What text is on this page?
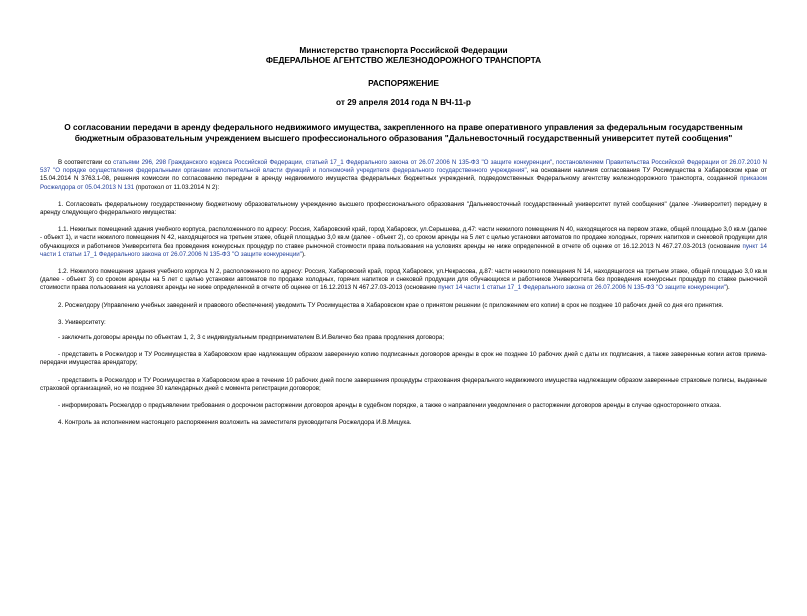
Министерство транспорта Российской Федерации
ФЕДЕРАЛЬНОЕ АГЕНТСТВО ЖЕЛЕЗНОДОРОЖНОГО ТРАНСПОРТА
РАСПОРЯЖЕНИЕ
от 29 апреля 2014 года N ВЧ-11-р
О согласовании передачи в аренду федерального недвижимого имущества, закрепленного на праве оперативного управления за федеральным государственным бюджетным образовательным учреждением высшего профессионального образования "Дальневосточный государственный университет путей сообщения"

В соответствии со статьями 296, 298 Гражданского кодекса Российской Федерации, статьей 17_1 Федерального закона от 26.07.2006 N 135-ФЗ "О защите конкуренции", постановлением Правительства Российской Федерации от 26.07.2010 N 537 "О порядке осуществления федеральными органами исполнительной власти функций и полномочий учредителя федерального государственного учреждения", на основании наличия согласования ТУ Росимущества в Хабаровском крае от 15.04.2014 N 3763.1-08, решения комиссии по согласованию передачи в аренду недвижимого имущества федеральных бюджетных учреждений, подведомственных Федеральному агентству железнодорожного транспорта, созданной приказом Росжелдора от 05.04.2013 N 131 (протокол от 11.03.2014 N 2):

1. Согласовать федеральному государственному бюджетному образовательному учреждению высшего профессионального образования "Дальневосточный государственный университет путей сообщения" (далее -Университет) передачу в аренду следующего федерального имущества:

1.1. Нежилых помещений здания учебного корпуса, расположенного по адресу: Россия, Хабаровский край, город Хабаровск, ул.Серышева, д.47: части нежилого помещения N 40, находящегося на первом этаже, общей площадью 3,0 кв.м (далее - объект 1), и части нежилого помещения N 42, находящегося на третьем этаже, общей площадью 3,0 кв.м (далее - объект 2), со сроком аренды на 5 лет с целью установки автоматов по продаже холодных, горячих напитков и снековой продукции для обучающихся и работников Университета без проведения конкурсных процедур по ставке рыночной стоимости права пользования на условиях аренды не ниже определенной в отчете об оценке от 16.12.2013 N 467.27.03-2013 (основание пункт 14 части 1 статьи 17_1 Федерального закона от 26.07.2006 N 135-ФЗ "О защите конкуренции").

1.2. Нежилого помещения здания учебного корпуса N 2, расположенного по адресу: Россия, Хабаровский край, город Хабаровск, ул.Некрасова, д.87: части нежилого помещения N 14, находящегося на третьем этаже, общей площадью 3,0 кв.м (далее - объект 3) со сроком аренды на 5 лет с целью установки автоматов по продаже холодных, горячих напитков и снековой продукции для обучающихся и работников Университета без проведения конкурсных процедур по ставке рыночной стоимости права пользования на условиях аренды не ниже определенной в отчете об оценке от 16.12.2013 N 467.27.03-2013 (основание пункт 14 части 1 статьи 17_1 Федерального закона от 26.07.2006 N 135-ФЗ "О защите конкуренции").

2. Росжелдору (Управлению учебных заведений и правового обеспечения) уведомить ТУ Росимущества в Хабаровском крае о принятом решении (с приложением его копии) в срок не позднее 10 рабочих дней со дня его принятия.

3. Университету:

- заключить договоры аренды по объектам 1, 2, 3 с индивидуальным предпринимателем В.И.Величко без права продления договора;

- представить в Росжелдор и ТУ Росимущества в Хабаровском крае надлежащим образом заверенную копию подписанных договоров аренды в срок не позднее 10 рабочих дней с даты их подписания, а также заверенные копии актов приема-передачи имущества арендатору;

- представить в Росжелдор и ТУ Росимущества в Хабаровском крае в течение 10 рабочих дней после завершения процедуры страхования федерального недвижимого имущества надлежащим образом заверенные страховые полисы, выданные страховой организацией, но не позднее 30 календарных дней с момента регистрации договоров;

- информировать Росжелдор о предъявлении требования о досрочном расторжении договоров аренды в судебном порядке, а также о направлении уведомления о расторжении договоров аренды в случае одностороннего отказа.

4. Контроль за исполнением настоящего распоряжения возложить на заместителя руководителя Росжелдора И.В.Мицука.
